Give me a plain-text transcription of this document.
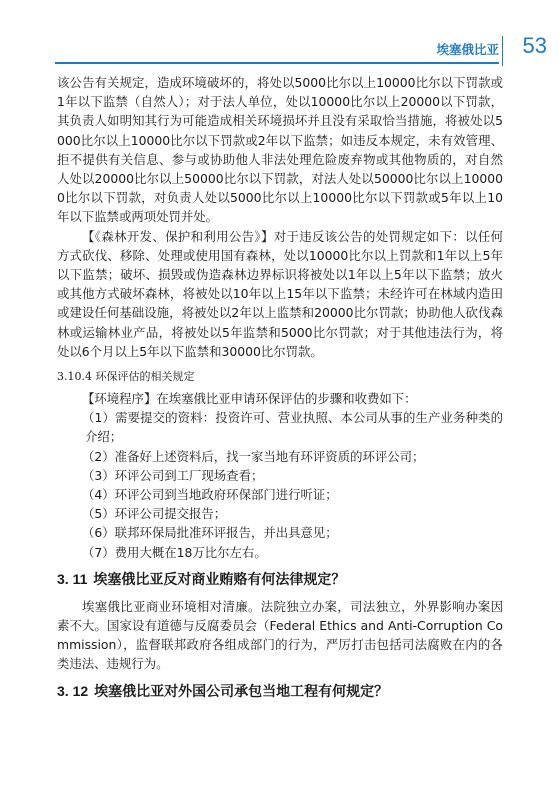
埃塞俄比亚 53

该公告有关规定，造成环境破坏的，将处以5000比尔以上10000比尔以下罚款或1年以下监禁（自然人）；对于法人单位，处以10000比尔以上20000以下罚款，其负责人如明知其行为可能造成相关环境损坏并且没有采取恰当措施，将被处以5000比尔以上10000比尔以下罚款或2年以下监禁；如违反本规定，未有效管理、拒不提供有关信息、参与或协助他人非法处理危险废弃物或其他物质的，对自然人处以20000比尔以上50000比尔以下罚款，对法人处以50000比尔以上100000比尔以下罚款，对负责人处以5000比尔以上10000比尔以下罚款或5年以上10年以下监禁或两项处罚并处。

【《森林开发、保护和利用公告》】对于违反该公告的处罚规定如下：以任何方式砍伐、移除、处理或使用国有森林，处以10000比尔以上罚款和1年以上5年以下监禁；破坏、损毁或伪造森林边界标识将被处以1年以上5年以下监禁；放火或其他方式破坏森林，将被处以10年以上15年以下监禁；未经许可在林域内造田或建设任何基础设施，将被处以2年以上监禁和20000比尔罚款；协助他人砍伐森林或运输林业产品，将被处以5年监禁和5000比尔罚款；对于其他违法行为，将处以6个月以上5年以下监禁和30000比尔罚款。

3.10.4 环保评估的相关规定

【环境程序】在埃塞俄比亚申请环保评估的步骤和收费如下：

（1）需要提交的资料：投资许可、营业执照、本公司从事的生产业务种类的介绍；

（2）准备好上述资料后，找一家当地有环评资质的环评公司；

（3）环评公司到工厂现场查看；

（4）环评公司到当地政府环保部门进行听证；

（5）环评公司提交报告；

（6）联邦环保局批准环评报告，并出具意见；

（7）费用大概在18万比尔左右。

3. 11 埃塞俄比亚反对商业贿赂有何法律规定？

埃塞俄比亚商业环境相对清廉。法院独立办案，司法独立，外界影响办案因素不大。国家设有道德与反腐委员会（Federal Ethics and Anti-Corruption Commission），监督联邦政府各组成部门的行为，严厉打击包括司法腐败在内的各类违法、违规行为。

3. 12 埃塞俄比亚对外国公司承包当地工程有何规定？
